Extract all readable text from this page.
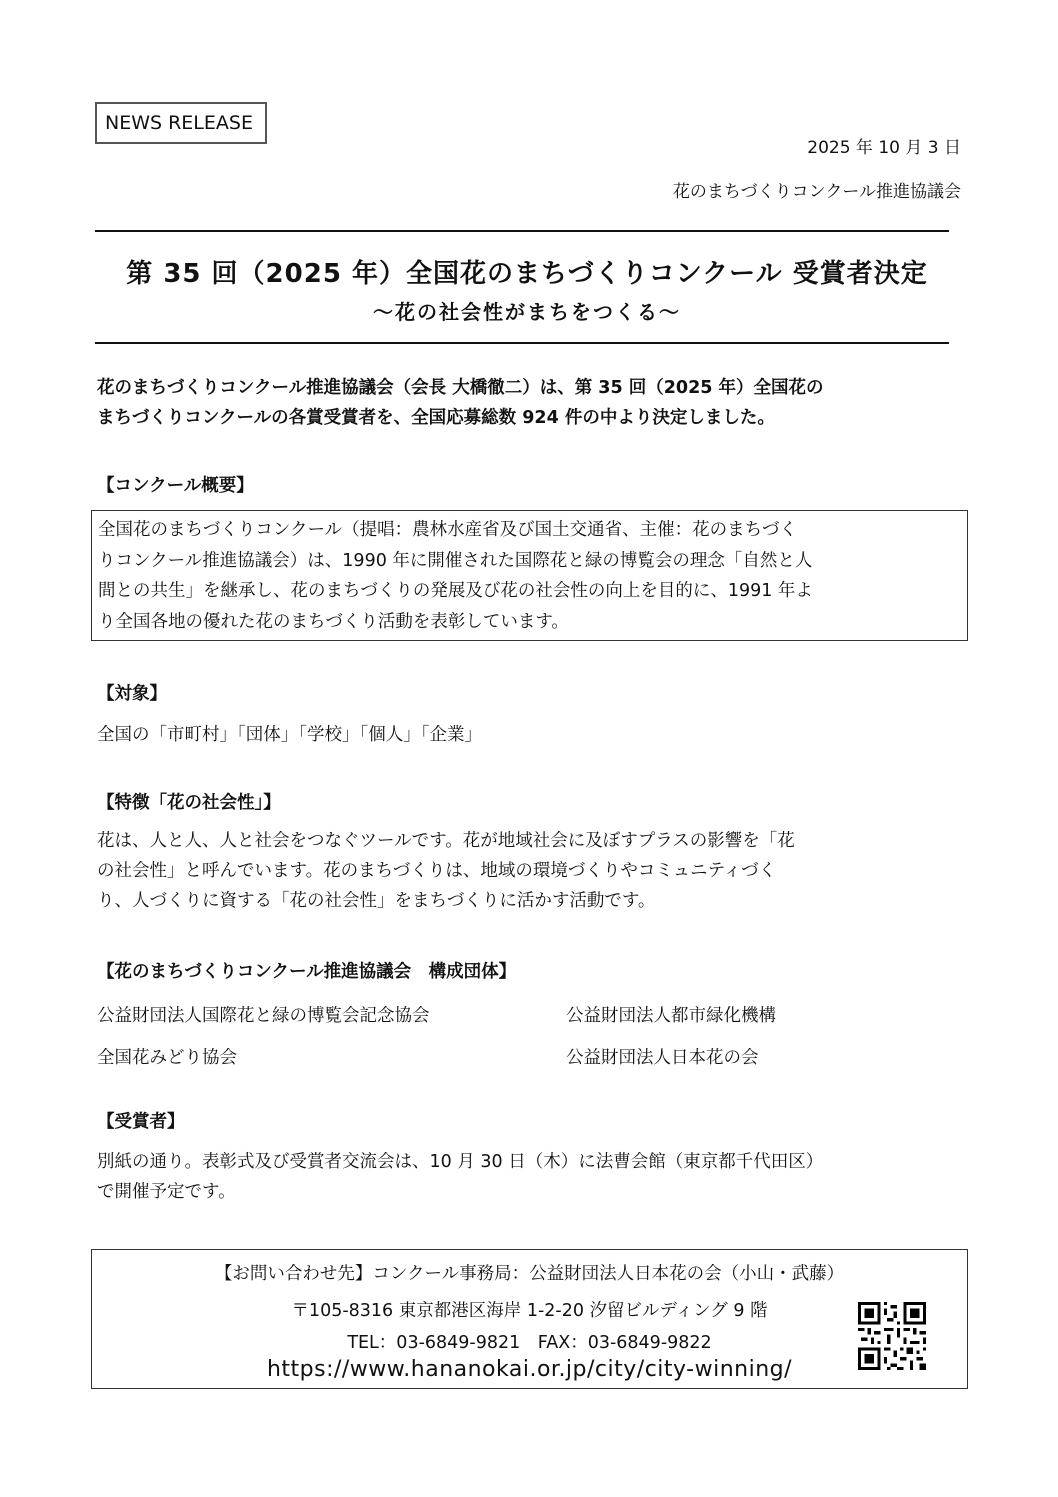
NEWS RELEASE
2025 年 10 月 3 日
花のまちづくりコンクール推進協議会
第 35 回（2025 年）全国花のまちづくりコンクール 受賞者決定
～花の社会性がまちをつくる～
花のまちづくりコンクール推進協議会（会長 大橋徹二）は、第 35 回（2025 年）全国花の
まちづくりコンクールの各賞受賞者を、全国応募総数 924 件の中より決定しました。
【コンクール概要】
全国花のまちづくりコンクール（提唱：農林水産省及び国土交通省、主催：花のまちづく
りコンクール推進協議会）は、1990 年に開催された国際花と緑の博覧会の理念「自然と人
間との共生」を継承し、花のまちづくりの発展及び花の社会性の向上を目的に、1991 年よ
り全国各地の優れた花のまちづくり活動を表彰しています。
【対象】
全国の「市町村」「団体」「学校」「個人」「企業」
【特徴「花の社会性」】
花は、人と人、人と社会をつなぐツールです。花が地域社会に及ぼすプラスの影響を「花
の社会性」と呼んでいます。花のまちづくりは、地域の環境づくりやコミュニティづく
り、人づくりに資する「花の社会性」をまちづくりに活かす活動です。
【花のまちづくりコンクール推進協議会　構成団体】
公益財団法人国際花と緑の博覧会記念協会	公益財団法人都市緑化機構
全国花みどり協会	公益財団法人日本花の会
【受賞者】
別紙の通り。表彰式及び受賞者交流会は、10 月 30 日（木）に法曹会館（東京都千代田区）
で開催予定です。
【お問い合わせ先】コンクール事務局：公益財団法人日本花の会（小山・武藤）
〒105-8316 東京都港区海岸 1-2-20 汐留ビルディング 9 階
TEL：03-6849-9821　FAX：03-6849-9822
https://www.hananokai.or.jp/city/city-winning/
